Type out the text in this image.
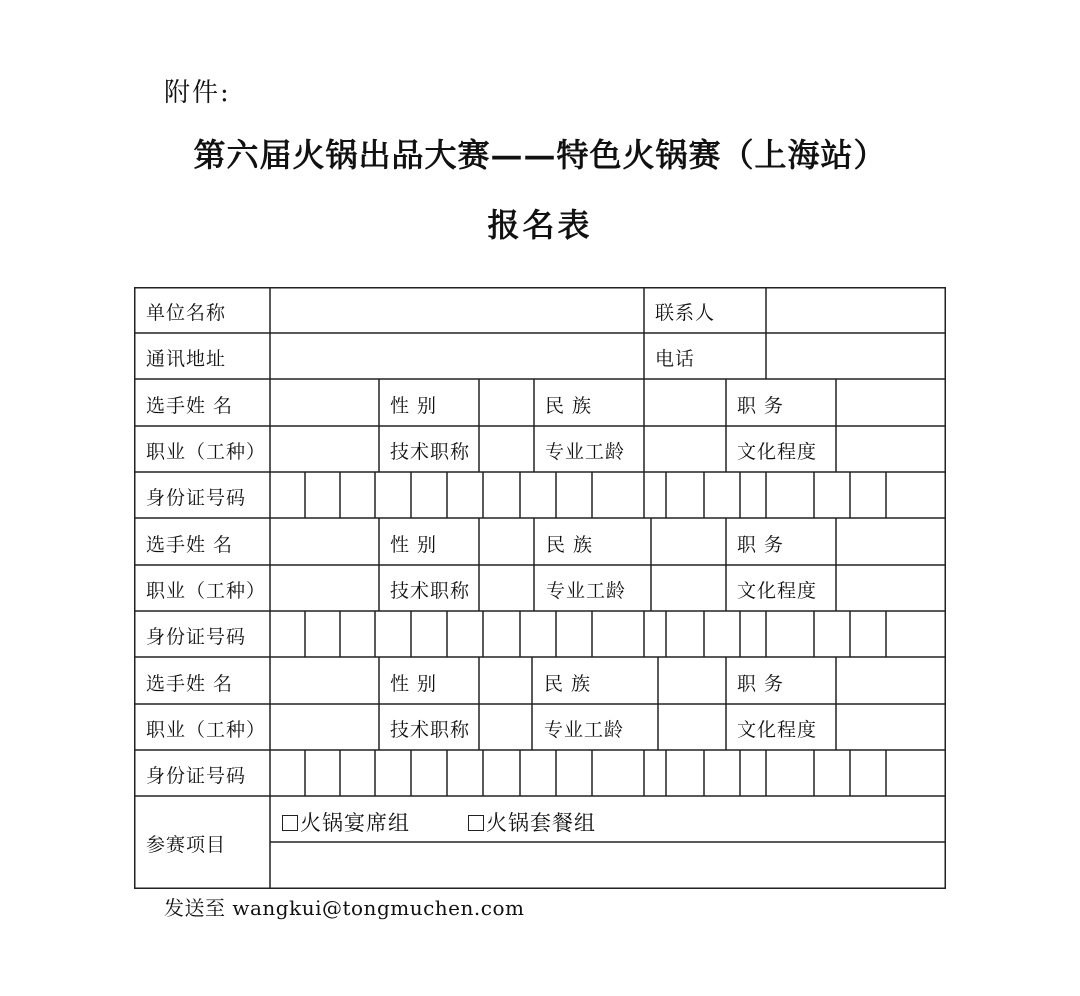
附件:
第六届火锅出品大赛——特色火锅赛（上海站）
报名表
单位名称	联系人
通讯地址	电话
选手姓 名	性 别	民 族	职 务
职业（工种）	技术职称	专业工龄	文化程度
身份证号码
选手姓 名	性 别	民 族	职 务
职业（工种）	技术职称	专业工龄	文化程度
身份证号码
选手姓 名	性 别	民 族	职 务
职业（工种）	技术职称	专业工龄	文化程度
身份证号码
参赛项目
火锅宴席组	火锅套餐组
发送至 wangkui@tongmuchen.com
